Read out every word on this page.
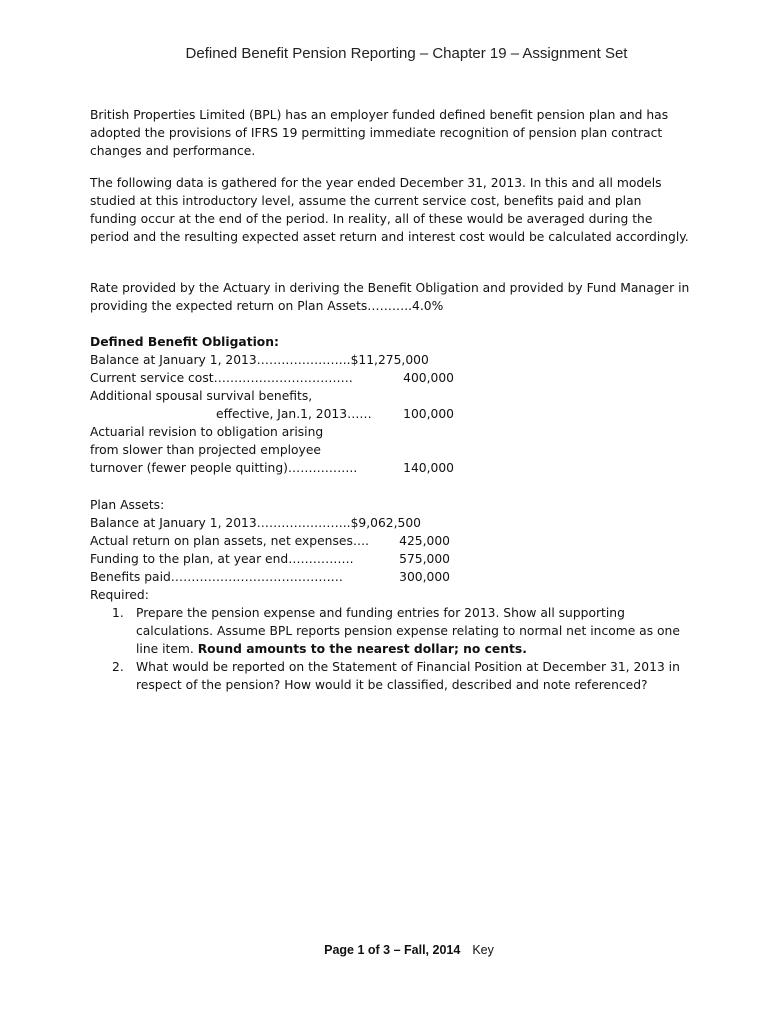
Defined Benefit Pension Reporting – Chapter 19 – Assignment Set

British Properties Limited (BPL) has an employer funded defined benefit pension plan and has adopted the provisions of IFRS 19 permitting immediate recognition of pension plan contract changes and performance.

The following data is gathered for the year ended December 31, 2013. In this and all models studied at this introductory level, assume the current service cost, benefits paid and plan funding occur at the end of the period. In reality, all of these would be averaged during the period and the resulting expected asset return and interest cost would be calculated accordingly.

Rate provided by the Actuary in deriving the Benefit Obligation and provided by Fund Manager in providing the expected return on Plan Assets………..4.0%

Defined Benefit Obligation:
Balance at January 1, 2013…………………..$11,275,000
Current service cost…………………………….	400,000
Additional spousal survival benefits,
effective, Jan.1, 2013……	100,000
Actuarial revision to obligation arising
from slower than projected employee
turnover (fewer people quitting)……………..	140,000
Plan Assets:
Balance at January 1, 2013…………………..$9,062,500
Actual return on plan assets, net expenses…. 425,000
Funding to the plan, at year end…………….	575,000
Benefits paid……………………………………	300,000
Required:
1. Prepare the pension expense and funding entries for 2013. Show all supporting calculations. Assume BPL reports pension expense relating to normal net income as one line item. Round amounts to the nearest dollar; no cents.
2. What would be reported on the Statement of Financial Position at December 31, 2013 in respect of the pension? How would it be classified, described and note referenced?
Page 1 of 3 – Fall, 2014 Key
